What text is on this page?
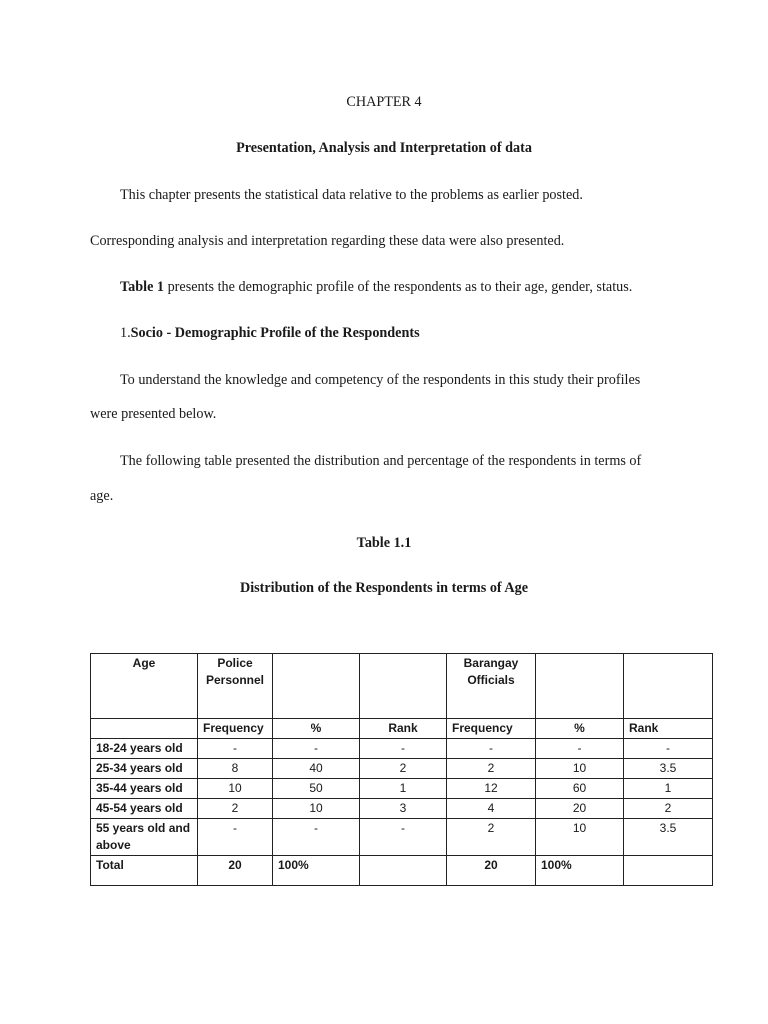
CHAPTER 4
Presentation, Analysis and Interpretation of data
This chapter presents the statistical data relative to the problems as earlier posted.
Corresponding analysis and interpretation regarding these data were also presented.
Table 1 presents the demographic profile of the respondents as to their age, gender, status.
1.Socio - Demographic Profile of the Respondents
To understand the knowledge and competency of the respondents in this study their profiles
were presented below.
The following table presented the distribution and percentage of the respondents in terms of
age.
Table 1.1
Distribution of the Respondents in terms of Age
Age	Police Personnel			Barangay Officials		
	Frequency	%	Rank	Frequency	%	Rank
18-24 years old	-	-	-	-	-	-
25-34 years old	8	40	2	2	10	3.5
35-44 years old	10	50	1	12	60	1
45-54 years old	2	10	3	4	20	2
55 years old and above	-	-	-	2	10	3.5
Total	20	100%		20	100%	
